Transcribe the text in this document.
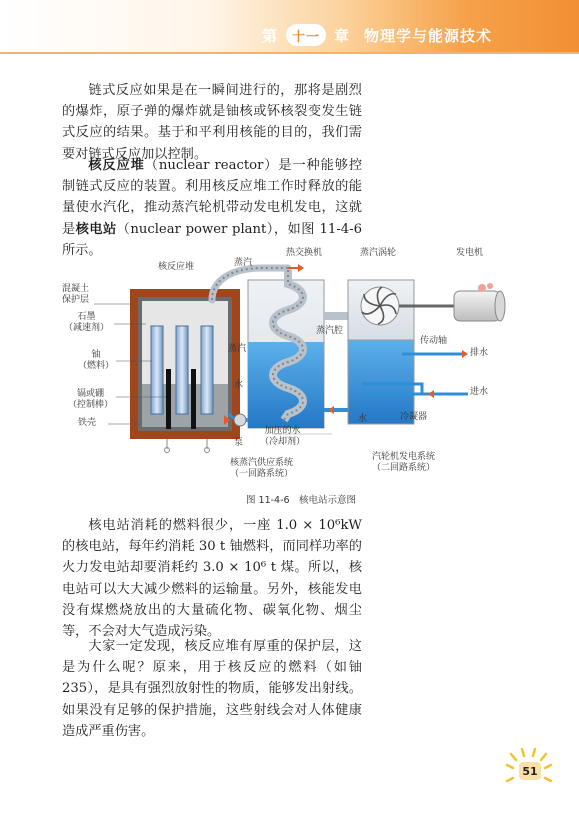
第	十一 章 物理学与能源技术

链式反应如果是在一瞬间进行的，那将是剧烈的爆炸，原子弹的爆炸就是铀核或钚核裂变发生链式反应的结果。基于和平利用核能的目的，我们需要对链式反应加以控制。

核反应堆（nuclear reactor）是一种能够控制链式反应的装置。利用核反应堆工作时释放的能量使水汽化，推动蒸汽轮机带动发电机发电，这就是核电站（nuclear power plant），如图 11-4-6 所示。

核反应堆	蒸汽
热交换机	蒸汽涡轮	发电机
混凝土
保护层
石墨
（减速剂）
铀
（燃料）
镉或硼
（控制棒）
铁壳
蒸汽腔
传动轴
蒸汽
水
排水
进水
水	冷凝器
泵
加压的水
（冷却剂）
核蒸汽供应系统
（一回路系统）
汽轮机发电系统
（二回路系统）
图 11-4-6　核电站示意图

核电站消耗的燃料很少，一座 1.0 × 10⁶kW 的核电站，每年约消耗 30 t 铀燃料，而同样功率的火力发电站却要消耗约 3.0 × 10⁶ t 煤。所以，核电站可以大大减少燃料的运输量。另外，核能发电没有煤燃烧放出的大量硫化物、碳氧化物、烟尘等，不会对大气造成污染。

大家一定发现，核反应堆有厚重的保护层，这是为什么呢？原来，用于核反应的燃料（如铀235），是具有强烈放射性的物质，能够发出射线。如果没有足够的保护措施，这些射线会对人体健康造成严重伤害。

51
